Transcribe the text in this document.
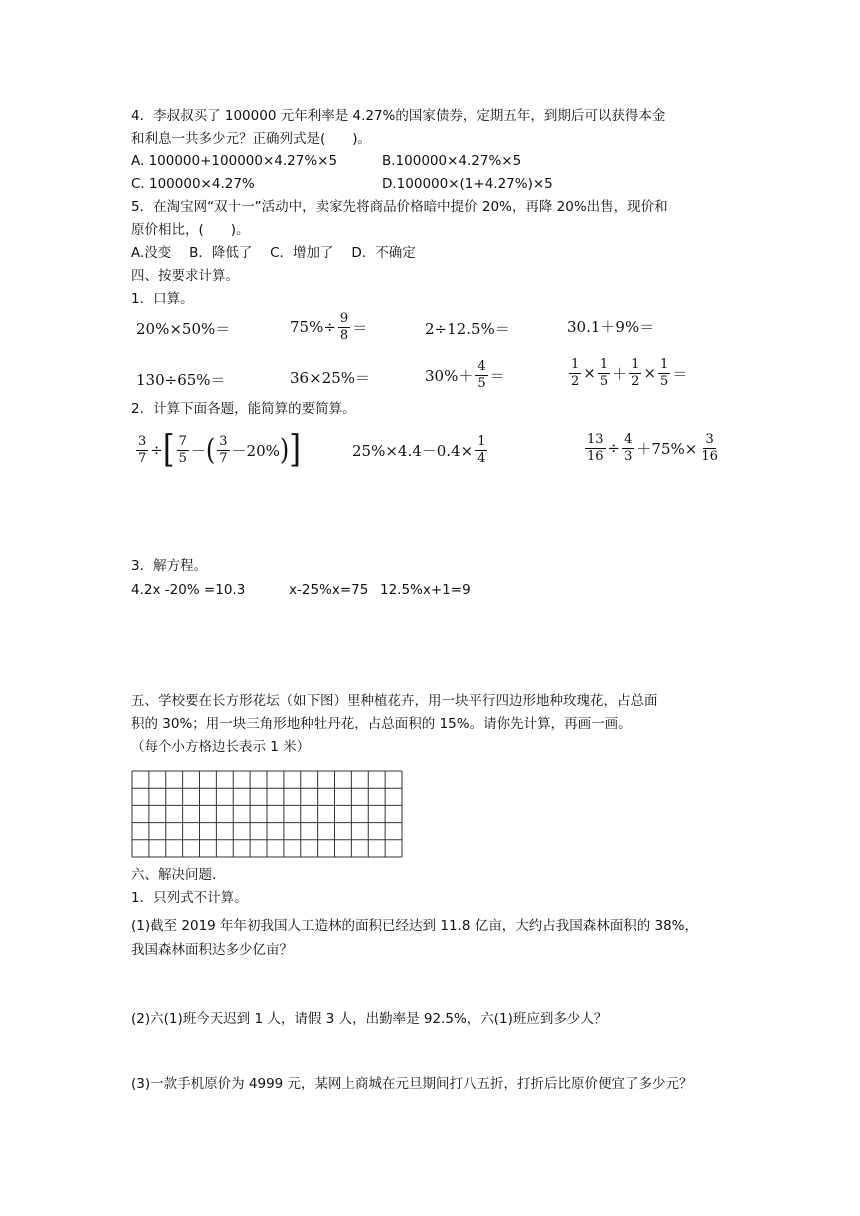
4．李叔叔买了 100000 元年利率是 4.27%的国家债券，定期五年，到期后可以获得本金
和利息一共多少元？正确列式是(　　)。
A. 100000+100000×4.27%×5	B.100000×4.27%×5
C. 100000×4.27%	D.100000×(1+4.27%)×5
5．在淘宝网“双十一”活动中，卖家先将商品价格暗中提价 20%，再降 20%出售，现价和
原价相比，(　　)。
A.没变　 B．降低了　 C．增加了　 D．不确定
四、按要求计算。
1．口算。
20%×50%＝	$75\%\div \frac{9}{8}$ ＝	2÷12.5%＝	30.1＋9%＝
130÷65%＝	36×25%＝	$30\%+ \frac{4}{5}$ ＝	$\frac{1}{2} \times \frac{1}{5} + \frac{1}{2} \times \frac{1}{5}$ ＝
2．计算下面各题，能简算的要简算。
$\frac{3}{7}$ ÷ [ $\frac{7}{5}$ － ( $\frac{3}{7} -20\%$ ) ]	$25\%\times 4.4-0.4\times \frac{1}{4}$	$\frac{13}{16} \div \frac{4}{3} +75\%\times \frac{3}{16}$
3．解方程。
4.2x -20% =10.3	x-25%x=75 12.5%x+1=9
五、学校要在长方形花坛（如下图）里种植花卉，用一块平行四边形地种玫瑰花，占总面
积的 30%；用一块三角形地种牡丹花，占总面积的 15%。请你先计算，再画一画。
（每个小方格边长表示 1 米）
六、解决问题.
1．只列式不计算。
(1)截至 2019 年年初我国人工造林的面积已经达到 11.8 亿亩，大约占我国森林面积的 38%，
我国森林面积达多少亿亩？
(2)六(1)班今天迟到 1 人，请假 3 人，出勤率是 92.5%，六(1)班应到多少人？
(3)一款手机原价为 4999 元，某网上商城在元旦期间打八五折，打折后比原价便宜了多少元？
